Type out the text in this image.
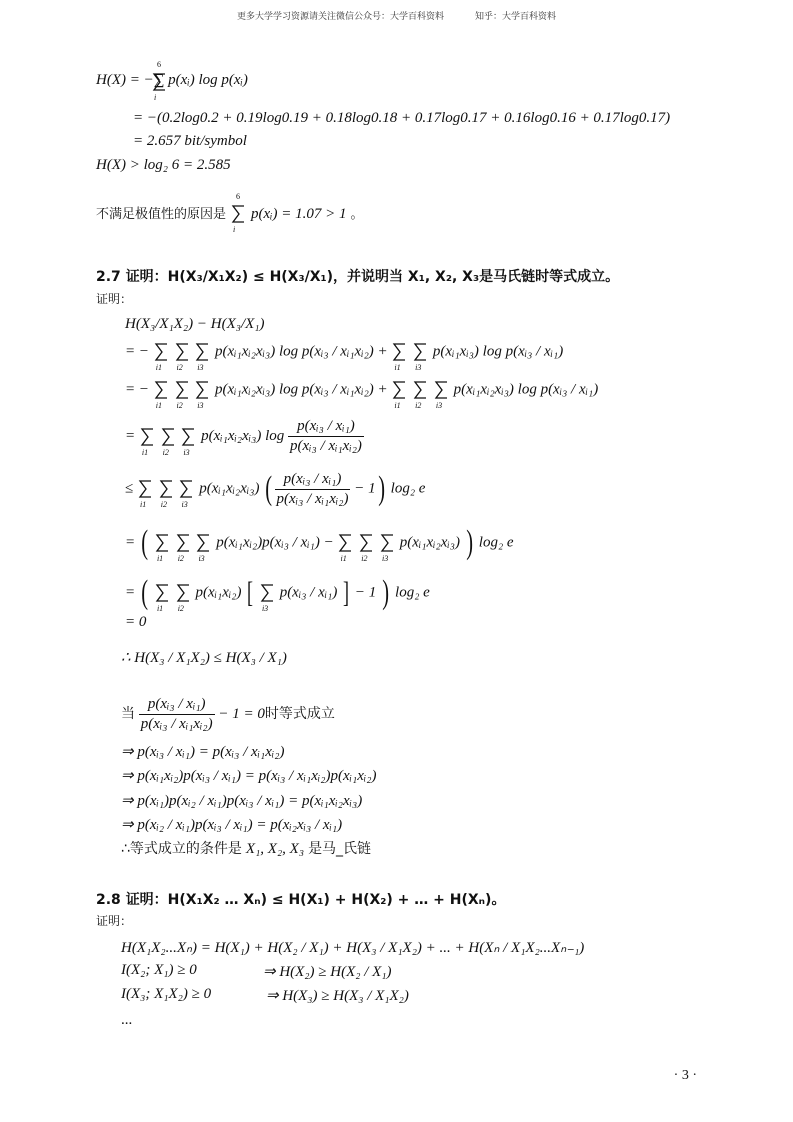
更多大学学习资源请关注微信公众号：大学百科资料	知乎：大学百科资料
H(X) = −∑ p(xᵢ) log p(xᵢ)
6
i
= −(0.2log0.2 + 0.19log0.19 + 0.18log0.18 + 0.17log0.17 + 0.16log0.16 + 0.17log0.17)
= 2.657 bit/symbol
H(X) > log₂ 6 = 2.585
不满足极值性的原因是
6
i
p(xᵢ) = 1.07 > 1 。
2.7 证明：H(X₃/X₁X₂) ≤ H(X₃/X₁)，并说明当 X₁, X₂, X₃是马氏链时等式成立。
证明：
H(X₃/X₁X₂) − H(X₃/X₁)
= −
i1
i2
i3
p(xᵢ₁xᵢ₂xᵢ₃) log p(xᵢ₃ / xᵢ₁xᵢ₂) +
i1
i3
p(xᵢ₁xᵢ₃) log p(xᵢ₃ / xᵢ₁)
= −
i1
i2
i3
p(xᵢ₁xᵢ₂xᵢ₃) log p(xᵢ₃ / xᵢ₁xᵢ₂) +
i1
i2
i3
p(xᵢ₁xᵢ₂xᵢ₃) log p(xᵢ₃ / xᵢ₁)
=
i1
i2
i3
p(xᵢ₁xᵢ₂xᵢ₃) $\log \frac{\text{p(xᵢ₃ / xᵢ₁)}}{\text{p(xᵢ₃ / xᵢ₁xᵢ₂)}}$
≤
i1
i2
i3
p(xᵢ₁xᵢ₂xᵢ₃) ( $\frac{\text{p(xᵢ₃ / xᵢ₁)}}{\text{p(xᵢ₃ / xᵢ₁xᵢ₂)}} - 1$) log₂ e
= ( i1
i2
i3
p(xᵢ₁xᵢ₂)p(xᵢ₃ / xᵢ₁) −
i1
i2
i3
p(xᵢ₁xᵢ₂xᵢ₃) ) log₂ e
= ( i1
i2
p(xᵢ₁xᵢ₂) [ i3
p(xᵢ₃ / xᵢ₁) ] − 1 ) log₂ e
= 0
∴ H(X₃ / X₁X₂) ≤ H(X₃ / X₁)
当 $\frac{\text{p(xᵢ₃ / xᵢ₁)}}{\text{p(xᵢ₃ / xᵢ₁xᵢ₂)}} - 1 = 0$时等式成立
⇒ p(xᵢ₃ / xᵢ₁) = p(xᵢ₃ / xᵢ₁xᵢ₂)
⇒ p(xᵢ₁xᵢ₂)p(xᵢ₃ / xᵢ₁) = p(xᵢ₃ / xᵢ₁xᵢ₂)p(xᵢ₁xᵢ₂)
⇒ p(xᵢ₁)p(xᵢ₂ / xᵢ₁)p(xᵢ₃ / xᵢ₁) = p(xᵢ₁xᵢ₂xᵢ₃)
⇒ p(xᵢ₂ / xᵢ₁)p(xᵢ₃ / xᵢ₁) = p(xᵢ₂xᵢ₃ / xᵢ₁)
∴等式成立的条件是 X₁, X₂, X₃ 是马_氏链
2.8 证明：H(X₁X₂ … Xₙ) ≤ H(X₁) + H(X₂) + … + H(Xₙ)。
证明：
H(X₁X₂...Xₙ) = H(X₁) + H(X₂ / X₁) + H(X₃ / X₁X₂) + ... + H(Xₙ / X₁X₂...Xₙ₋₁)
I(X₂; X₁) ≥ 0	⇒ H(X₂) ≥ H(X₂ / X₁)
I(X₃; X₁X₂) ≥ 0	⇒ H(X₃) ≥ H(X₃ / X₁X₂)
...
· 3 ·
